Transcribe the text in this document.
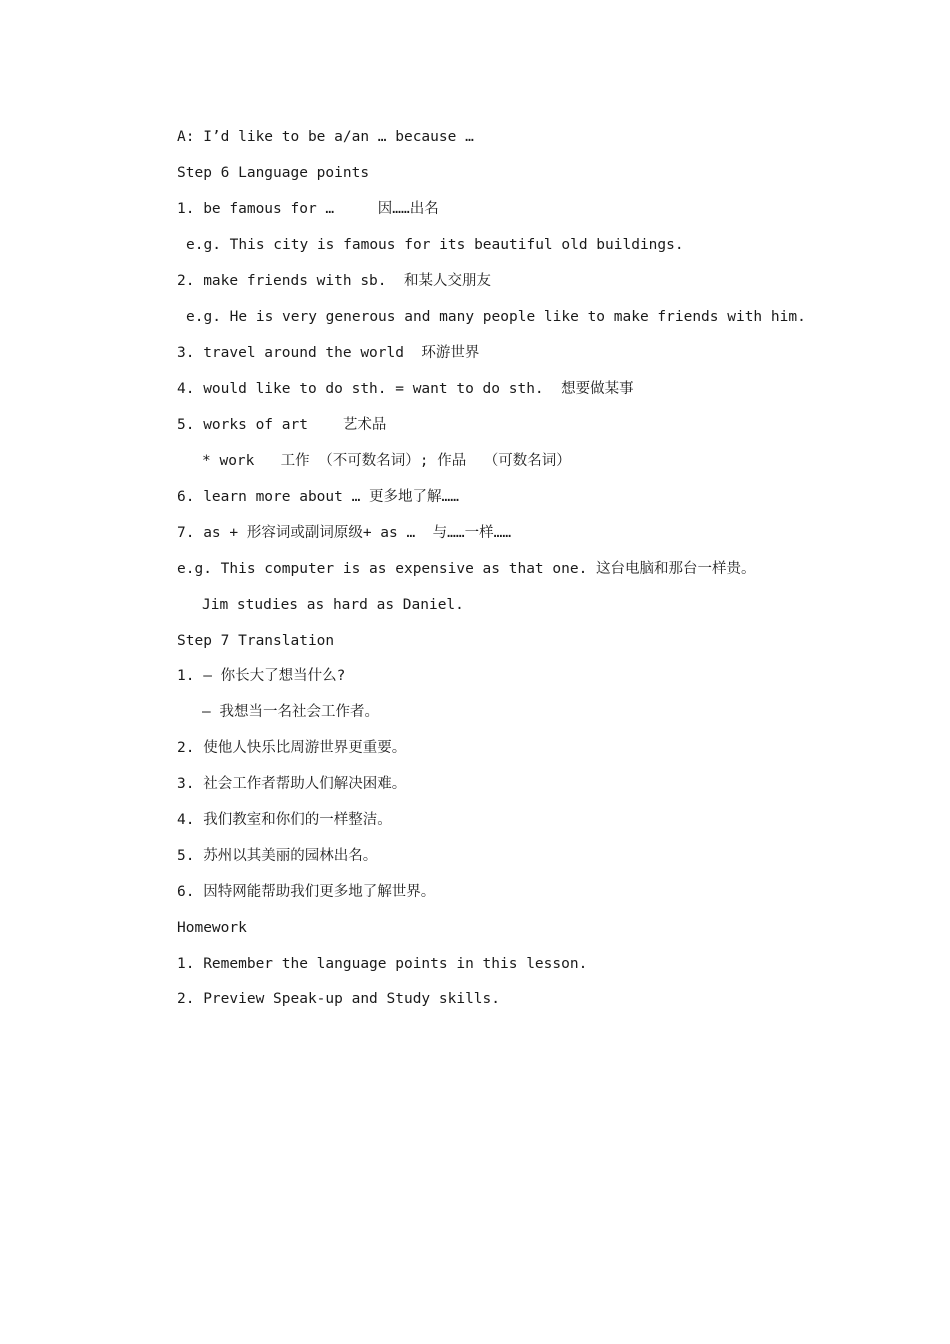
A: I’d like to be a/an … because …
Step 6 Language points
1. be famous for …     因……出名
e.g. This city is famous for its beautiful old buildings.
2. make friends with sb.  和某人交朋友
e.g. He is very generous and many people like to make friends with him.
3. travel around the world  环游世界
4. would like to do sth. = want to do sth.  想要做某事
5. works of art    艺术品
* work   工作 （不可数名词）; 作品  （可数名词）
6. learn more about … 更多地了解……
7. as + 形容词或副词原级+ as …  与……一样……
e.g. This computer is as expensive as that one. 这台电脑和那台一样贵。
Jim studies as hard as Daniel.
Step 7 Translation
1. — 你长大了想当什么?
— 我想当一名社会工作者。
2. 使他人快乐比周游世界更重要。
3. 社会工作者帮助人们解决困难。
4. 我们教室和你们的一样整洁。
5. 苏州以其美丽的园林出名。
6. 因特网能帮助我们更多地了解世界。
Homework
1. Remember the language points in this lesson.
2. Preview Speak-up and Study skills.
